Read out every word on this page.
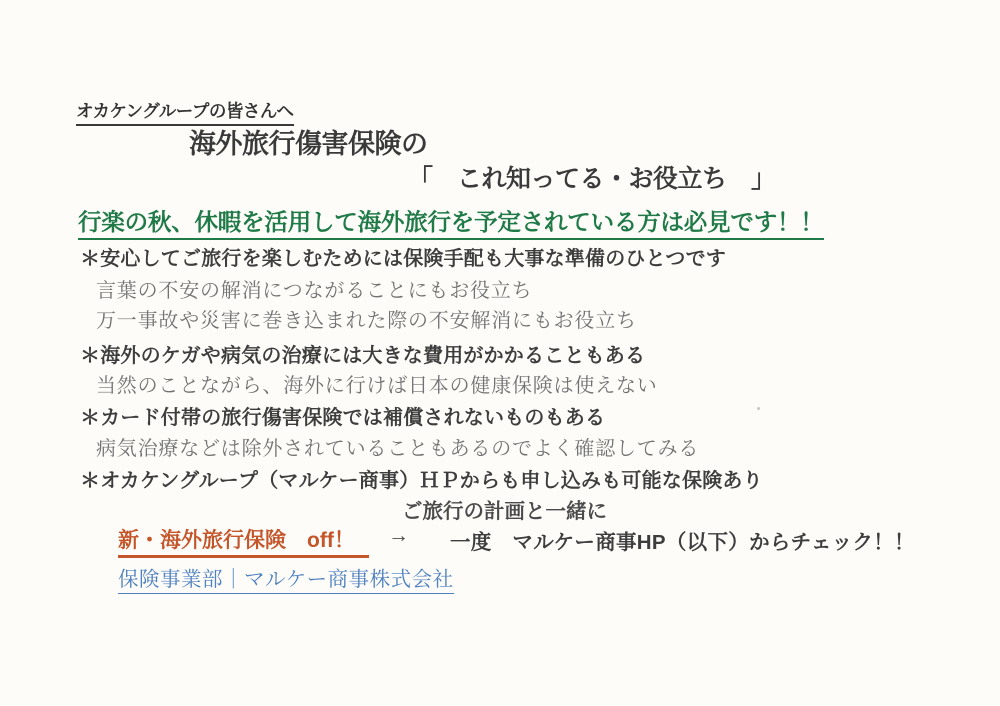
オカケングループの皆さんへ
海外旅行傷害保険の
「　これ知ってる・お役立ち　」
行楽の秋、休暇を活用して海外旅行を予定されている方は必見です！！
＊安心してご旅行を楽しむためには保険手配も大事な準備のひとつです
言葉の不安の解消につながることにもお役立ち
万一事故や災害に巻き込まれた際の不安解消にもお役立ち
＊海外のケガや病気の治療には大きな費用がかかることもある
当然のことながら、海外に行けば日本の健康保険は使えない
＊カード付帯の旅行傷害保険では補償されないものもある
病気治療などは除外されていることもあるのでよく確認してみる
＊オカケングループ（マルケー商事）ＨＰからも申し込みも可能な保険あり
ご旅行の計画と一緒に
新・海外旅行保険　off！	→ 一度　マルケー商事HP（以下）からチェック！！
保険事業部｜マルケー商事株式会社
